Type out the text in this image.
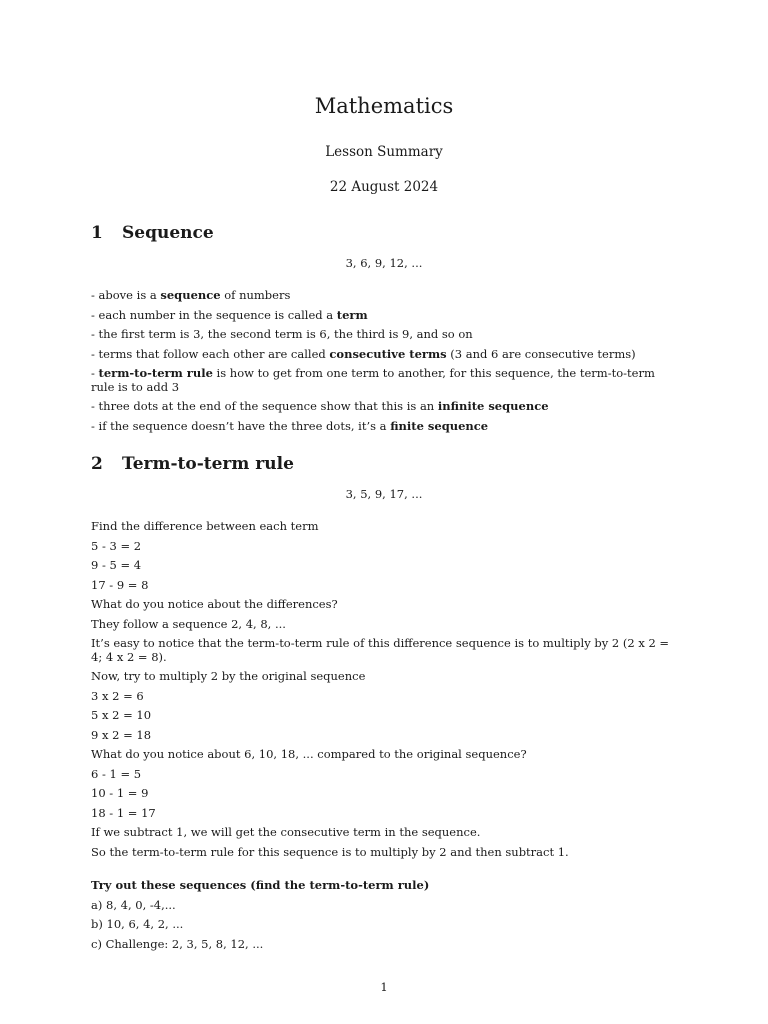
Mathematics
Lesson Summary
22 August 2024
1 Sequence
3, 6, 9, 12, ...
- above is a sequence of numbers
- each number in the sequence is called a term
- the first term is 3, the second term is 6, the third is 9, and so on
- terms that follow each other are called consecutive terms (3 and 6 are consecutive terms)
- term-to-term rule is how to get from one term to another, for this sequence, the term-to-term rule is to add 3
- three dots at the end of the sequence show that this is an infinite sequence
- if the sequence doesn’t have the three dots, it’s a finite sequence
2 Term-to-term rule
3, 5, 9, 17, ...
Find the difference between each term
5 - 3 = 2
9 - 5 = 4
17 - 9 = 8
What do you notice about the differences?
They follow a sequence 2, 4, 8, ...
It’s easy to notice that the term-to-term rule of this difference sequence is to multiply by 2 (2 x 2 = 4; 4 x 2 = 8).
Now, try to multiply 2 by the original sequence
3 x 2 = 6
5 x 2 = 10
9 x 2 = 18
What do you notice about 6, 10, 18, ... compared to the original sequence?
6 - 1 = 5
10 - 1 = 9
18 - 1 = 17
If we subtract 1, we will get the consecutive term in the sequence.
So the term-to-term rule for this sequence is to multiply by 2 and then subtract 1.
Try out these sequences (find the term-to-term rule)
a) 8, 4, 0, -4,...
b) 10, 6, 4, 2, ...
c) Challenge: 2, 3, 5, 8, 12, ...
1
